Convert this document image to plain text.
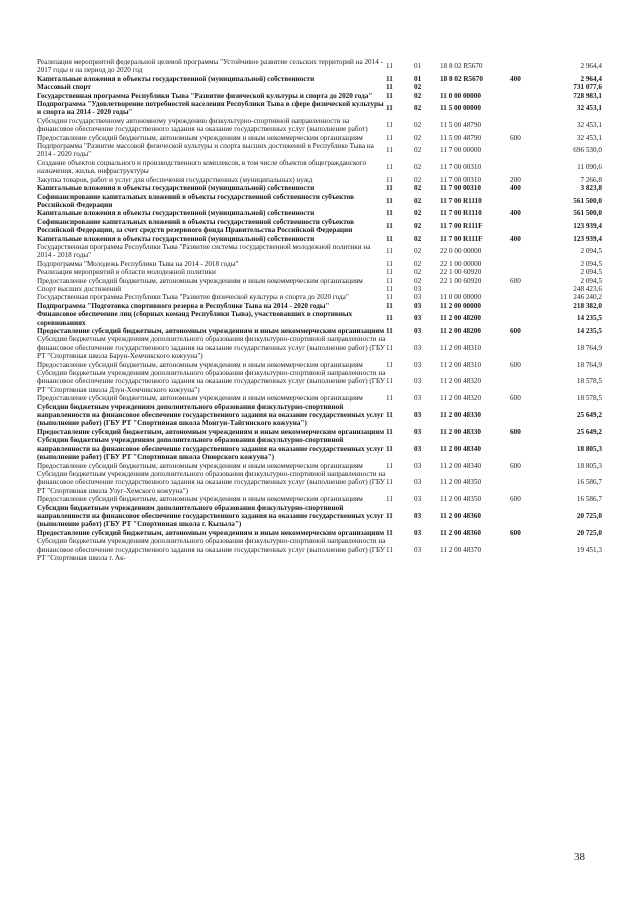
Реализация мероприятий федеральной целевой программы "Устойчивое развитие сельских территорий на 2014 - 2017 годы и на период до 2020 год	11	01	18 8 02 R5670		2 964,4
Капитальные вложения в объекты государственной (муниципальной) собственности	11	01	18 8 02 R5670	400	2 964,4
Массовый спорт	11	02			731 077,6
Государственная программа Республики Тыва "Развитие физической культуры и спорта до 2020 года"	11	02	11 0 00 00000		728 983,1
Подпрограмма "Удовлетворение потребностей населения Республики Тыва в сфере физической культуры и спорта на 2014 - 2020 годы"	11	02	11 5 00 00000		32 453,1
Субсидии государственному автономному учреждению физкультурно-спортивной направленности на финансовое обеспечение государственного задания на оказание государственных услуг (выполнение работ)	11	02	11 5 00 48790		32 453,1
Предоставление субсидий бюджетным, автономным учреждениям и иным некоммерческим организациям	11	02	11 5 00 48790	600	32 453,1
Подпрограмма "Развитие массовой физической культуры и спорта высших достижений в Республике Тыва на 2014 - 2020 годы"	11	02	11 7 00 00000		696 530,0
Создание объектов социального и производственного комплексов, в том числе объектов общегражданского назначения, жилья, инфраструктуры	11	02	11 7 00 00310		11 090,6
Закупка товаров, работ и услуг для обеспечения государственных (муниципальных) нужд	11	02	11 7 00 00310	200	7 266,8
Капитальные вложения в объекты государственной (муниципальной) собственности	11	02	11 7 00 00310	400	3 823,8
Софинансирование капитальных вложений в объекты государственной собственности субъектов Российской Федерации	11	02	11 7 00 R1110		561 500,0
Капитальные вложения в объекты государственной (муниципальной) собственности	11	02	11 7 00 R1110	400	561 500,0
Софинансирование капитальных вложений в объекты государственной собственности субъектов Российской Федерации, за счет средств резервного фонда Правительства Российской Федерации	11	02	11 7 00 R111F		123 939,4
Капитальные вложения в объекты государственной (муниципальной) собственности	11	02	11 7 00 R111F	400	123 939,4
Государственная программа Республики Тыва "Развитие системы государственной молодежной политики на 2014 - 2018 годы"	11	02	22 0 00 00000		2 094,5
Подпрограмма "Молодежь Республики Тыва на 2014 - 2018 годы"	11	02	22 1 00 00000		2 094,5
Реализация мероприятий в области молодежной политики	11	02	22 1 00 60920		2 094,5
Предоставление субсидий бюджетным, автономным учреждениям и иным некоммерческим организациям	11	02	22 1 00 60920	600	2 094,5
Спорт высших достижений	11	03			248 423,6
Государственная программа Республики Тыва "Развитие физической культуры и спорта до 2020 года"	11	03	11 0 00 00000		246 240,2
Подпрограмма "Подготовка спортивного резерва в Республике Тыва на 2014 - 2020 годы"	11	03	11 2 00 00000		218 382,0
Финансовое обеспечение лиц (сборных команд Республики Тыва), участвовавших в спортивных соревнованиях	11	03	11 2 00 48200		14 235,5
Предоставление субсидий бюджетным, автономным учреждениям и иным некоммерческим организациям	11	03	11 2 00 48200	600	14 235,5
Субсидии бюджетным учреждениям дополнительного образования физкультурно-спортивной направленности на финансовое обеспечение государственного задания на оказание государственных услуг (выполнение работ) (ГБУ РТ "Спортивная школа Барун-Хемчикского кожууна")	11	03	11 2 00 48310		18 764,9
Предоставление субсидий бюджетным, автономным учреждениям и иным некоммерческим организациям	11	03	11 2 00 48310	600	18 764,9
Субсидии бюджетным учреждениям дополнительного образования физкультурно-спортивной направленности на финансовое обеспечение государственного задания на оказание государственных услуг (выполнение работ) (ГБУ РТ "Спортивная школа Дзун-Хемчикского кожууна")	11	03	11 2 00 48320		18 578,5
Предоставление субсидий бюджетным, автономным учреждениям и иным некоммерческим организациям	11	03	11 2 00 48320	600	18 578,5
Субсидии бюджетным учреждениям дополнительного образования физкультурно-спортивной направленности на финансовое обеспечение государственного задания на оказание государственных услуг (выполнение работ) (ГБУ РТ "Спортивная школа Монгун-Тайгинского кожууна")	11	03	11 2 00 48330		25 649,2
Предоставление субсидий бюджетным, автономным учреждениям и иным некоммерческим организациям	11	03	11 2 00 48330	600	25 649,2
Субсидии бюджетным учреждениям дополнительного образования физкультурно-спортивной направленности на финансовое обеспечение государственного задания на оказание государственных услуг (выполнение работ) (ГБУ РТ "Спортивная школа Овюрского кожууна")	11	03	11 2 00 48340		18 805,3
Предоставление субсидий бюджетным, автономным учреждениям и иным некоммерческим организациям	11	03	11 2 00 48340	600	18 805,3
Субсидии бюджетным учреждениям дополнительного образования физкультурно-спортивной направленности на финансовое обеспечение государственного задания на оказание государственных услуг (выполнение работ) (ГБУ РТ "Спортивная школа Улуг-Хемского кожууна")	11	03	11 2 00 48350		16 586,7
Предоставление субсидий бюджетным, автономным учреждениям и иным некоммерческим организациям	11	03	11 2 00 48350	600	16 586,7
Субсидии бюджетным учреждениям дополнительного образования физкультурно-спортивной направленности на финансовое обеспечение государственного задания на оказание государственных услуг (выполнение работ) (ГБУ РТ "Спортивная школа г. Кызыла")	11	03	11 2 00 48360		20 725,0
Предоставление субсидий бюджетным, автономным учреждениям и иным некоммерческим организациям	11	03	11 2 00 48360	600	20 725,0
Субсидии бюджетным учреждениям дополнительного образования физкультурно-спортивной направленности на финансовое обеспечение государственного задания на оказание государственных услуг (выполнение работ) (ГБУ РТ "Спортивная школа г. Ак-	11	03	11 2 00 48370		19 451,3
38
